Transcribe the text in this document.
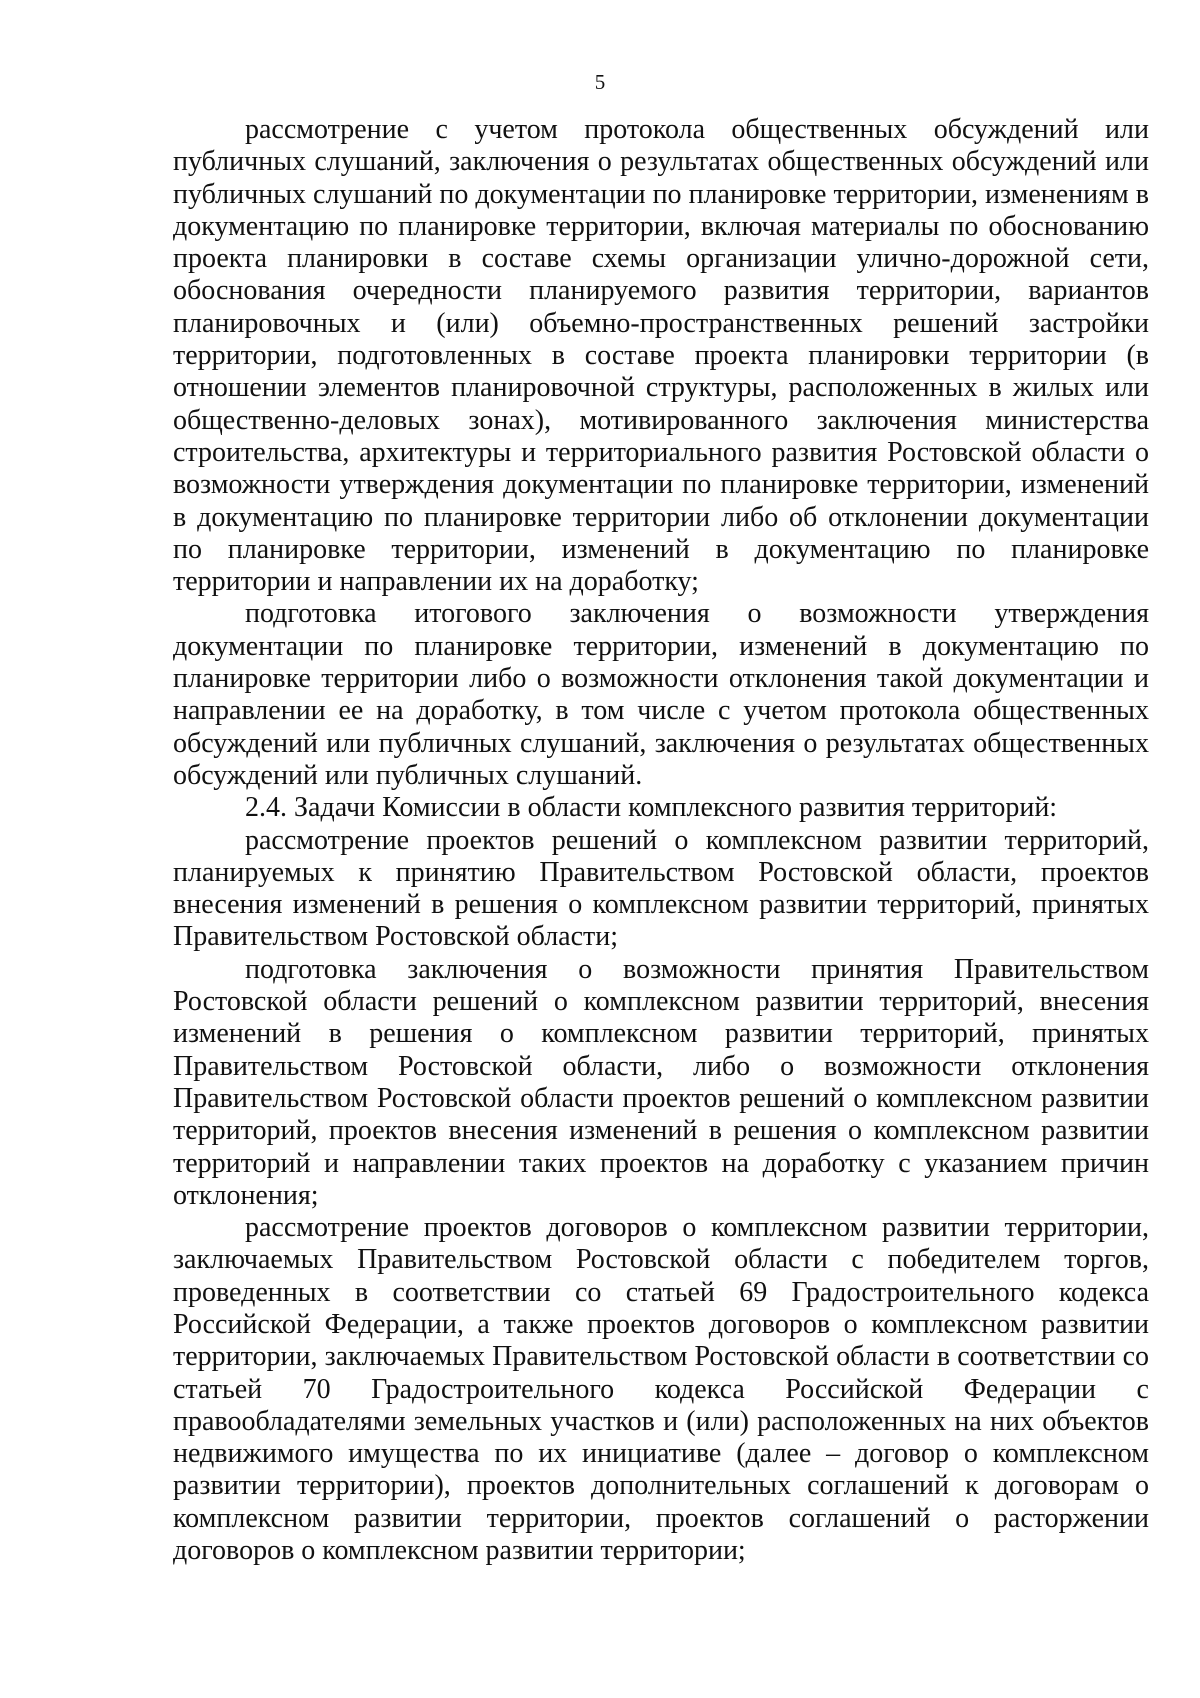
5

рассмотрение с учетом протокола общественных обсуждений или публичных слушаний, заключения о результатах общественных обсуждений или публичных слушаний по документации по планировке территории, изменениям в документацию по планировке территории, включая материалы по обоснованию проекта планировки в составе схемы организации улично-дорожной сети, обоснования очередности планируемого развития территории, вариантов планировочных и (или) объемно-пространственных решений застройки территории, подготовленных в составе проекта планировки территории (в отношении элементов планировочной структуры, расположенных в жилых или общественно-деловых зонах), мотивированного заключения министерства строительства, архитектуры и территориального развития Ростовской области о возможности утверждения документации по планировке территории, изменений в документацию по планировке территории либо об отклонении документации по планировке территории, изменений в документацию по планировке территории и направлении их на доработку;

подготовка итогового заключения о возможности утверждения документации по планировке территории, изменений в документацию по планировке территории либо о возможности отклонения такой документации и направлении ее на доработку, в том числе с учетом протокола общественных обсуждений или публичных слушаний, заключения о результатах общественных обсуждений или публичных слушаний.

2.4. Задачи Комиссии в области комплексного развития территорий:

рассмотрение проектов решений о комплексном развитии территорий, планируемых к принятию Правительством Ростовской области, проектов внесения изменений в решения о комплексном развитии территорий, принятых Правительством Ростовской области;

подготовка заключения о возможности принятия Правительством Ростовской области решений о комплексном развитии территорий, внесения изменений в решения о комплексном развитии территорий, принятых Правительством Ростовской области, либо о возможности отклонения Правительством Ростовской области проектов решений о комплексном развитии территорий, проектов внесения изменений в решения о комплексном развитии территорий и направлении таких проектов на доработку с указанием причин отклонения;

рассмотрение проектов договоров о комплексном развитии территории, заключаемых Правительством Ростовской области с победителем торгов, проведенных в соответствии со статьей 69 Градостроительного кодекса Российской Федерации, а также проектов договоров о комплексном развитии территории, заключаемых Правительством Ростовской области в соответствии со статьей 70 Градостроительного кодекса Российской Федерации с правообладателями земельных участков и (или) расположенных на них объектов недвижимого имущества по их инициативе (далее – договор о комплексном развитии территории), проектов дополнительных соглашений к договорам о комплексном развитии территории, проектов соглашений о расторжении договоров о комплексном развитии территории;
